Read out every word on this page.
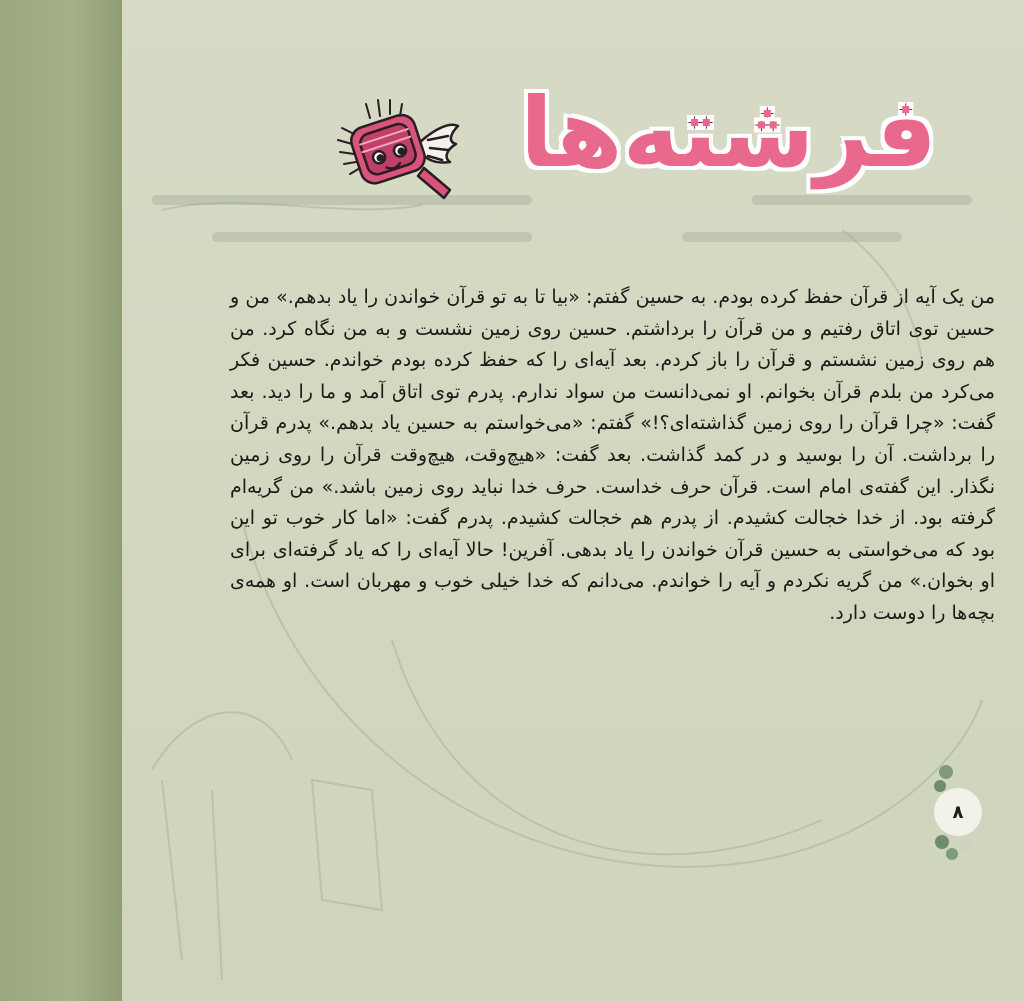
فرشته‌ها

من یک آیه از قرآن حفظ کرده بودم. به حسین گفتم: «بیا تا به تو قرآن خواندن را یاد بدهم.» من و حسین توی اتاق رفتیم و من قرآن را برداشتم. حسین روی زمین نشست و به من نگاه کرد. من هم روی زمین نشستم و قرآن را باز کردم. بعد آیه‌ای را که حفظ کرده بودم خواندم. حسین فکر می‌کرد من بلدم قرآن بخوانم. او نمی‌دانست من سواد ندارم. پدرم توی اتاق آمد و ما را دید. بعد گفت: «چرا قرآن را روی زمین گذاشته‌ای؟!» گفتم: «می‌خواستم به حسین یاد بدهم.» پدرم قرآن را برداشت. آن را بوسید و در کمد گذاشت. بعد گفت: «هیچ‌وقت، هیچ‌وقت قرآن را روی زمین نگذار. این گفته‌ی امام است. قرآن حرف خداست. حرف خدا نباید روی زمین باشد.» من گریه‌ام گرفته بود. از خدا خجالت کشیدم. از پدرم هم خجالت کشیدم. پدرم گفت: «اما کار خوب تو این بود که می‌خواستی به حسین قرآن خواندن را یاد بدهی. آفرین! حالا آیه‌ای را که یاد گرفته‌ای برای او بخوان.» من گریه نکردم و آیه را خواندم. می‌دانم که خدا خیلی خوب و مهربان است. او همه‌ی بچه‌ها را دوست دارد.

۸
